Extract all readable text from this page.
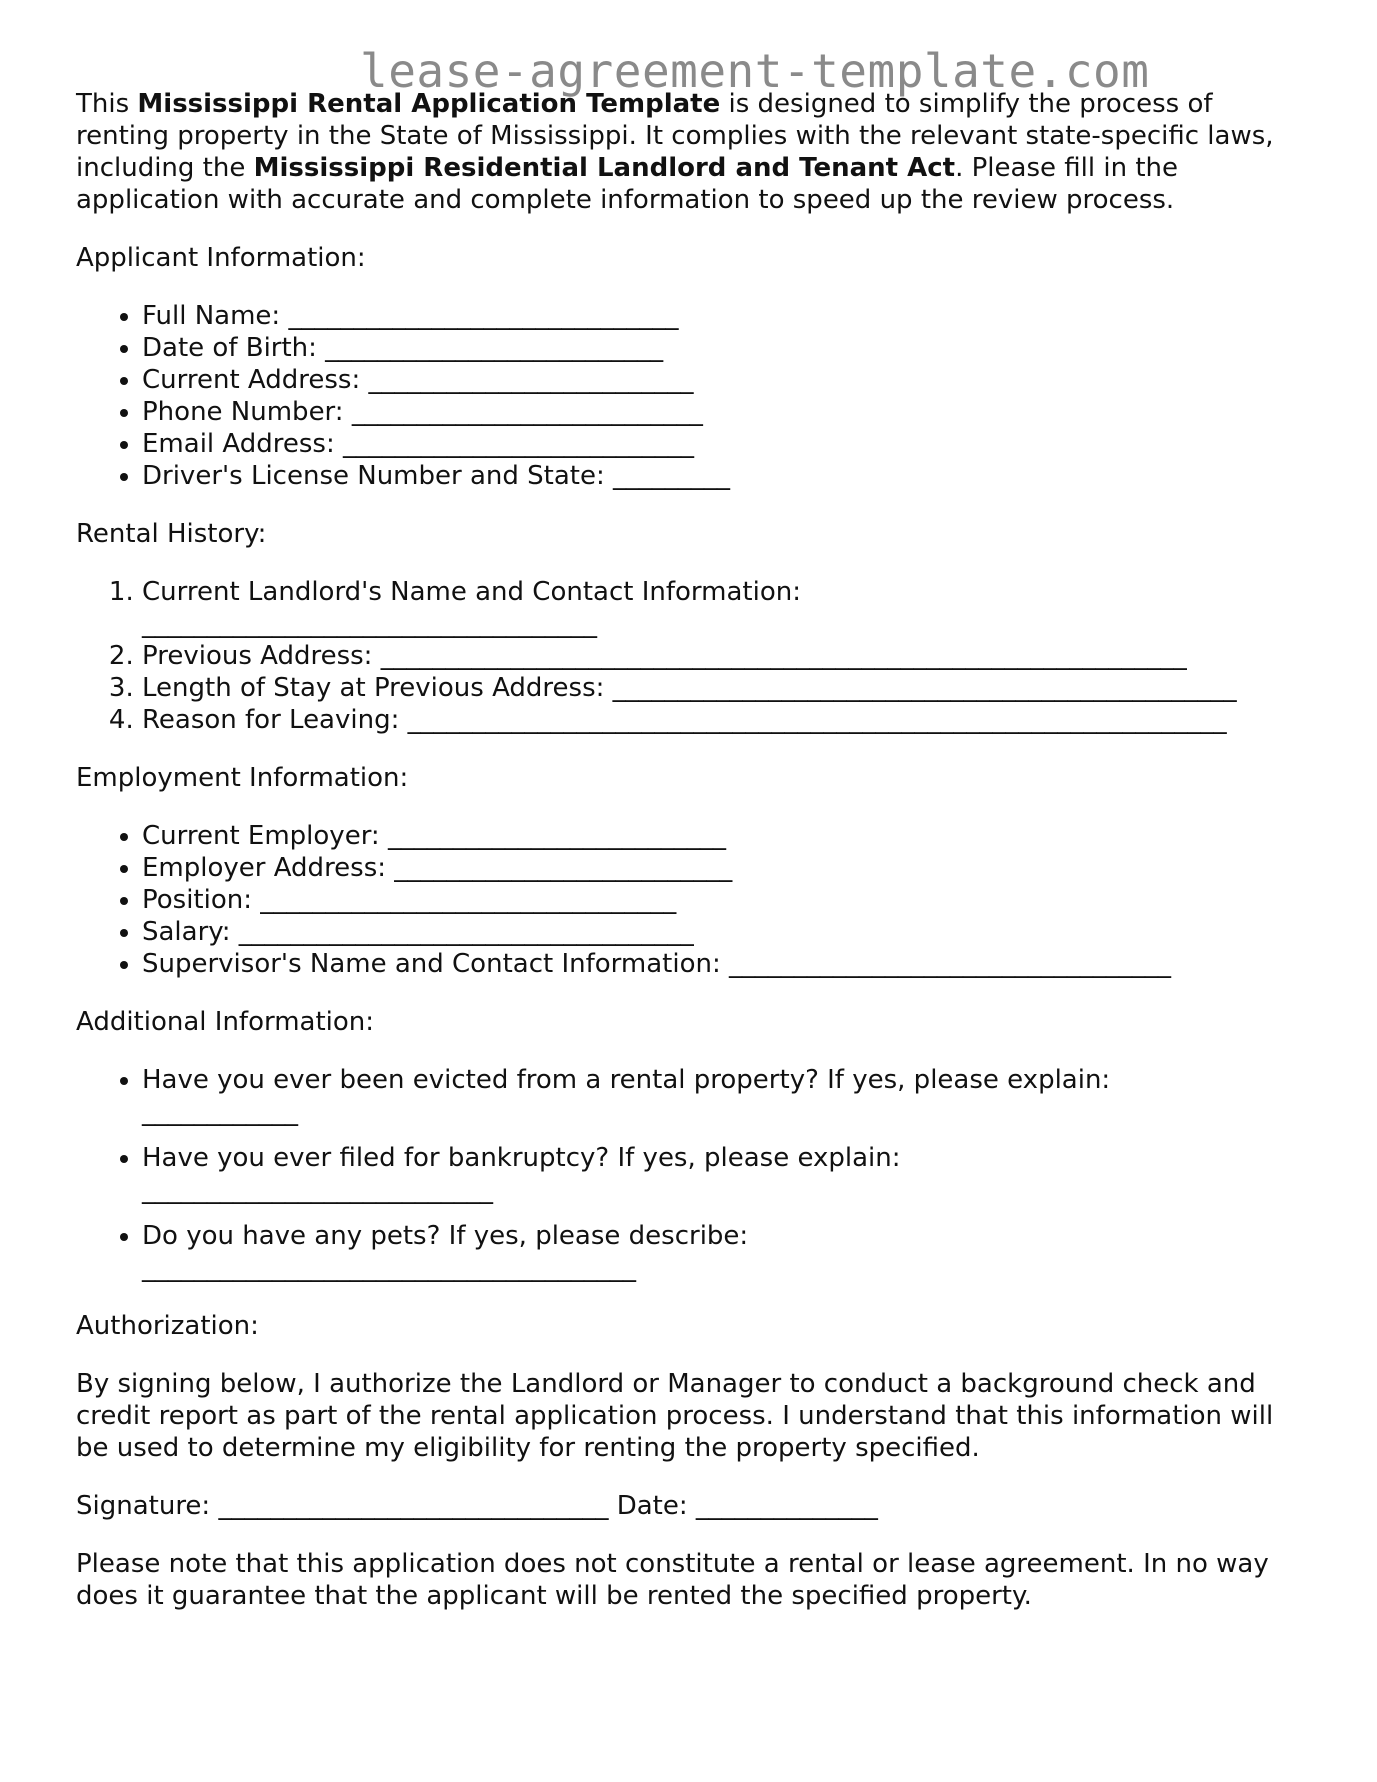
lease-agreement-template.com

This Mississippi Rental Application Template is designed to simplify the process of renting property in the State of Mississippi. It complies with the relevant state-specific laws, including the Mississippi Residential Landlord and Tenant Act. Please fill in the application with accurate and complete information to speed up the review process.

Applicant Information:

• Full Name: ______________________________
• Date of Birth: __________________________
• Current Address: _________________________
• Phone Number: ___________________________
• Email Address: ___________________________
• Driver's License Number and State: _________

Rental History:

1. Current Landlord's Name and Contact Information:
___________________________________
2. Previous Address: ______________________________________________________________
3. Length of Stay at Previous Address: ________________________________________________
4. Reason for Leaving: _______________________________________________________________

Employment Information:

• Current Employer: __________________________
• Employer Address: __________________________
• Position: ________________________________
• Salary: ___________________________________
• Supervisor's Name and Contact Information: __________________________________

Additional Information:

• Have you ever been evicted from a rental property? If yes, please explain:
____________
• Have you ever filed for bankruptcy? If yes, please explain:
___________________________
• Do you have any pets? If yes, please describe:
______________________________________

Authorization:

By signing below, I authorize the Landlord or Manager to conduct a background check and credit report as part of the rental application process. I understand that this information will be used to determine my eligibility for renting the property specified.

Signature: ______________________________ Date: ______________

Please note that this application does not constitute a rental or lease agreement. In no way does it guarantee that the applicant will be rented the specified property.
